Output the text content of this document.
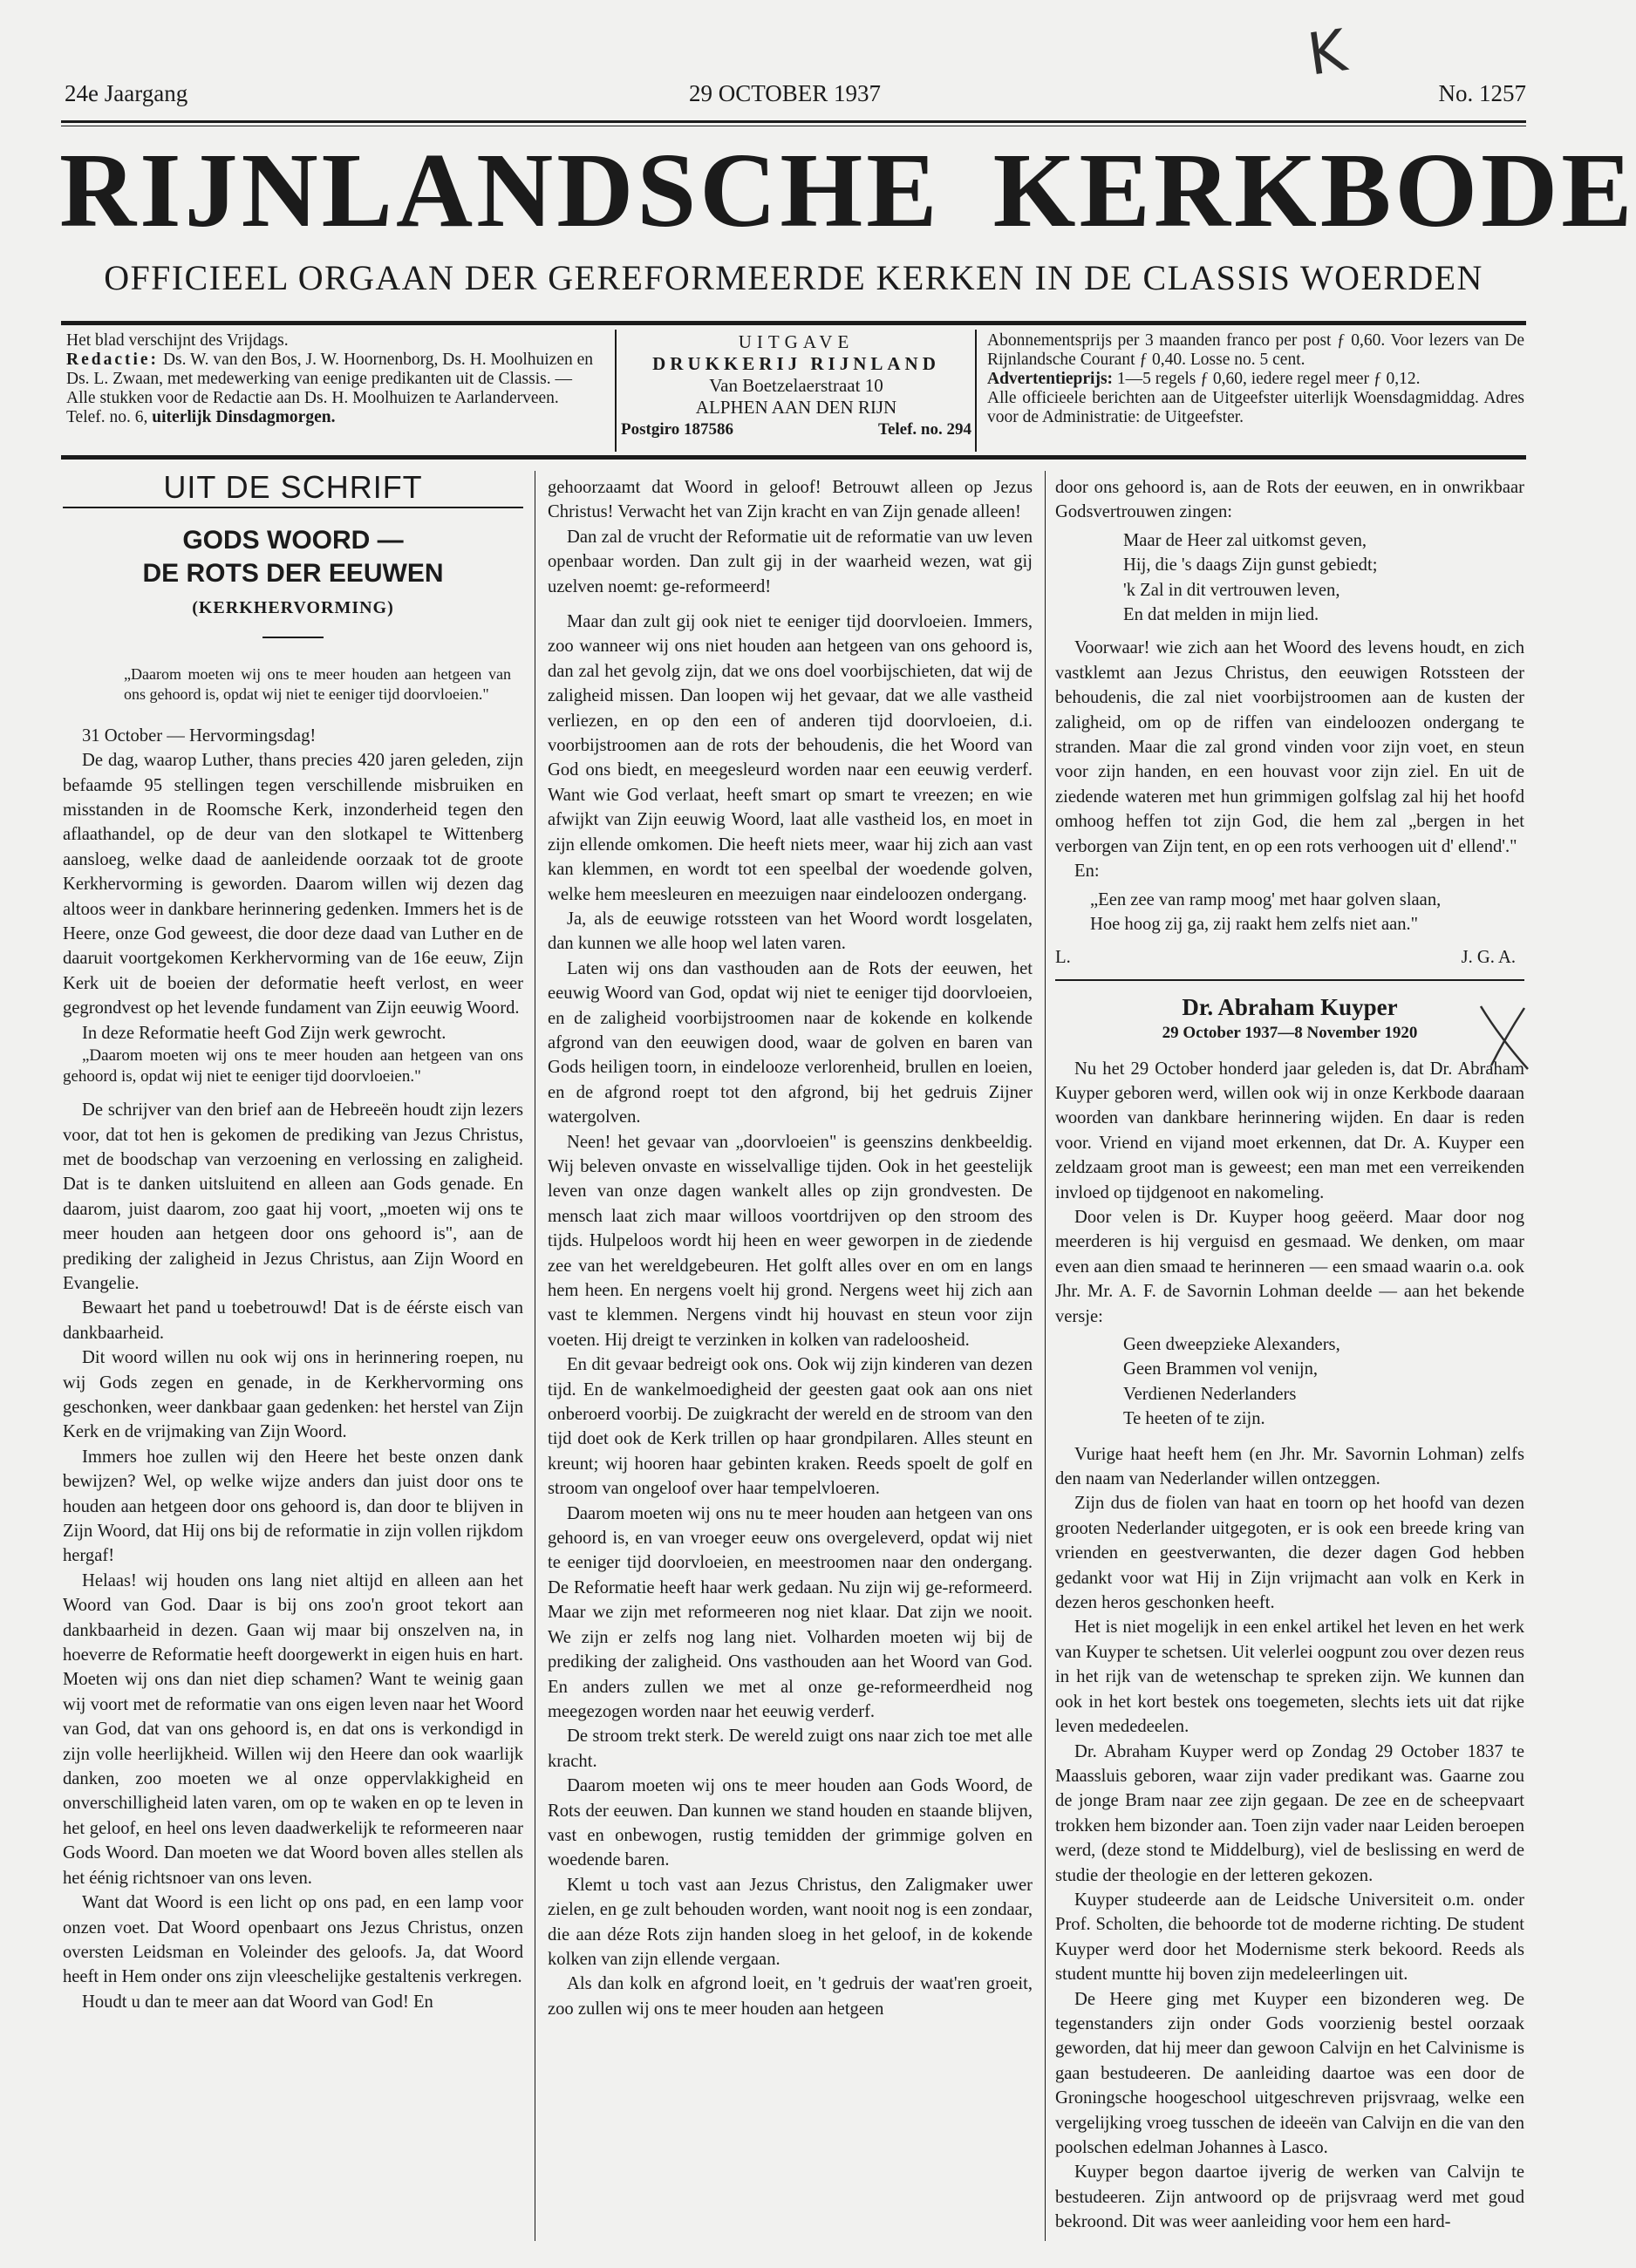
24e Jaargang	29 OCTOBER 1937	No. 1257
K
RIJNLANDSCHE KERKBODE
OFFICIEEL ORGAAN DER GEREFORMEERDE KERKEN IN DE CLASSIS WOERDEN

Het blad verschijnt des Vrijdags.

Redactie: Ds. W. van den Bos, J. W. Hoornenborg, Ds. H. Moolhuizen en Ds. L. Zwaan, met medewerking van eenige predikanten uit de Classis. — Alle stukken voor de Redactie aan Ds. H. Moolhuizen te Aarlanderveen. Telef. no. 6, uiterlijk Dinsdagmorgen.

UITGAVE
DRUKKERIJ RIJNLAND
Van Boetzelaerstraat 10
ALPHEN AAN DEN RIJN
Postgiro 187586	Telef. no. 294

Abonnementsprijs per 3 maanden franco per post ƒ 0,60. Voor lezers van De Rijnlandsche Courant ƒ 0,40. Losse no. 5 cent.

Advertentieprijs: 1—5 regels ƒ 0,60, iedere regel meer ƒ 0,12.

Alle officieele berichten aan de Uitgeefster uiterlijk Woensdagmiddag. Adres voor de Administratie: de Uitgeefster.

UIT DE SCHRIFT
GODS WOORD —
DE ROTS DER EEUWEN
(KERKHERVORMING)
„Daarom moeten wij ons te meer houden aan hetgeen van ons gehoord is, opdat wij niet te eeniger tijd doorvloeien."

31 October — Hervormingsdag!

De dag, waarop Luther, thans precies 420 jaren geleden, zijn befaamde 95 stellingen tegen verschillende misbruiken en misstanden in de Roomsche Kerk, inzonderheid tegen den aflaathandel, op de deur van den slotkapel te Wittenberg aansloeg, welke daad de aanleidende oorzaak tot de groote Kerkhervorming is geworden. Daarom willen wij dezen dag altoos weer in dankbare herinnering gedenken. Immers het is de Heere, onze God geweest, die door deze daad van Luther en de daaruit voortgekomen Kerkhervorming van de 16e eeuw, Zijn Kerk uit de boeien der deformatie heeft verlost, en weer gegrondvest op het levende fundament van Zijn eeuwig Woord.

In deze Reformatie heeft God Zijn werk gewrocht.

„Daarom moeten wij ons te meer houden aan hetgeen van ons gehoord is, opdat wij niet te eeniger tijd doorvloeien."

De schrijver van den brief aan de Hebreeën houdt zijn lezers voor, dat tot hen is gekomen de prediking van Jezus Christus, met de boodschap van verzoening en verlossing en zaligheid. Dat is te danken uitsluitend en alleen aan Gods genade. En daarom, juist daarom, zoo gaat hij voort, „moeten wij ons te meer houden aan hetgeen door ons gehoord is", aan de prediking der zaligheid in Jezus Christus, aan Zijn Woord en Evangelie.

Bewaart het pand u toebetrouwd! Dat is de éérste eisch van dankbaarheid.

Dit woord willen nu ook wij ons in herinnering roepen, nu wij Gods zegen en genade, in de Kerkhervorming ons geschonken, weer dankbaar gaan gedenken: het herstel van Zijn Kerk en de vrijmaking van Zijn Woord.

Immers hoe zullen wij den Heere het beste onzen dank bewijzen? Wel, op welke wijze anders dan juist door ons te houden aan hetgeen door ons gehoord is, dan door te blijven in Zijn Woord, dat Hij ons bij de reformatie in zijn vollen rijkdom hergaf!

Helaas! wij houden ons lang niet altijd en alleen aan het Woord van God. Daar is bij ons zoo'n groot tekort aan dankbaarheid in dezen. Gaan wij maar bij onszelven na, in hoeverre de Reformatie heeft doorgewerkt in eigen huis en hart. Moeten wij ons dan niet diep schamen? Want te weinig gaan wij voort met de reformatie van ons eigen leven naar het Woord van God, dat van ons gehoord is, en dat ons is verkondigd in zijn volle heerlijkheid. Willen wij den Heere dan ook waarlijk danken, zoo moeten we al onze oppervlakkigheid en onverschilligheid laten varen, om op te waken en op te leven in het geloof, en heel ons leven daadwerkelijk te reformeeren naar Gods Woord. Dan moeten we dat Woord boven alles stellen als het éénig richtsnoer van ons leven.

Want dat Woord is een licht op ons pad, en een lamp voor onzen voet. Dat Woord openbaart ons Jezus Christus, onzen oversten Leidsman en Voleinder des geloofs. Ja, dat Woord heeft in Hem onder ons zijn vleeschelijke gestaltenis verkregen.

Houdt u dan te meer aan dat Woord van God! En

gehoorzaamt dat Woord in geloof! Betrouwt alleen op Jezus Christus! Verwacht het van Zijn kracht en van Zijn genade alleen!

Dan zal de vrucht der Reformatie uit de reformatie van uw leven openbaar worden. Dan zult gij in der waarheid wezen, wat gij uzelven noemt: ge-reformeerd!

Maar dan zult gij ook niet te eeniger tijd doorvloeien. Immers, zoo wanneer wij ons niet houden aan hetgeen van ons gehoord is, dan zal het gevolg zijn, dat we ons doel voorbijschieten, dat wij de zaligheid missen. Dan loopen wij het gevaar, dat we alle vastheid verliezen, en op den een of anderen tijd doorvloeien, d.i. voorbijstroomen aan de rots der behoudenis, die het Woord van God ons biedt, en meegesleurd worden naar een eeuwig verderf. Want wie God verlaat, heeft smart op smart te vreezen; en wie afwijkt van Zijn eeuwig Woord, laat alle vastheid los, en moet in zijn ellende omkomen. Die heeft niets meer, waar hij zich aan vast kan klemmen, en wordt tot een speelbal der woedende golven, welke hem meesleuren en meezuigen naar eindeloozen ondergang.

Ja, als de eeuwige rotssteen van het Woord wordt losgelaten, dan kunnen we alle hoop wel laten varen.

Laten wij ons dan vasthouden aan de Rots der eeuwen, het eeuwig Woord van God, opdat wij niet te eeniger tijd doorvloeien, en de zaligheid voorbijstroomen naar de kokende en kolkende afgrond van den eeuwigen dood, waar de golven en baren van Gods heiligen toorn, in eindelooze verlorenheid, brullen en loeien, en de afgrond roept tot den afgrond, bij het gedruis Zijner watergolven.

Neen! het gevaar van „doorvloeien" is geenszins denkbeeldig. Wij beleven onvaste en wisselvallige tijden. Ook in het geestelijk leven van onze dagen wankelt alles op zijn grondvesten. De mensch laat zich maar willoos voortdrijven op den stroom des tijds. Hulpeloos wordt hij heen en weer geworpen in de ziedende zee van het wereldgebeuren. Het golft alles over en om en langs hem heen. En nergens voelt hij grond. Nergens weet hij zich aan vast te klemmen. Nergens vindt hij houvast en steun voor zijn voeten. Hij dreigt te verzinken in kolken van radeloosheid.

En dit gevaar bedreigt ook ons. Ook wij zijn kinderen van dezen tijd. En de wankelmoedigheid der geesten gaat ook aan ons niet onberoerd voorbij. De zuigkracht der wereld en de stroom van den tijd doet ook de Kerk trillen op haar grondpilaren. Alles steunt en kreunt; wij hooren haar gebinten kraken. Reeds spoelt de golf en stroom van ongeloof over haar tempelvloeren.

Daarom moeten wij ons nu te meer houden aan hetgeen van ons gehoord is, en van vroeger eeuw ons overgeleverd, opdat wij niet te eeniger tijd doorvloeien, en meestroomen naar den ondergang. De Reformatie heeft haar werk gedaan. Nu zijn wij ge-reformeerd. Maar we zijn met reformeeren nog niet klaar. Dat zijn we nooit. We zijn er zelfs nog lang niet. Volharden moeten wij bij de prediking der zaligheid. Ons vasthouden aan het Woord van God. En anders zullen we met al onze ge-reformeerdheid nog meegezogen worden naar het eeuwig verderf.

De stroom trekt sterk. De wereld zuigt ons naar zich toe met alle kracht.

Daarom moeten wij ons te meer houden aan Gods Woord, de Rots der eeuwen. Dan kunnen we stand houden en staande blijven, vast en onbewogen, rustig temidden der grimmige golven en woedende baren.

Klemt u toch vast aan Jezus Christus, den Zaligmaker uwer zielen, en ge zult behouden worden, want nooit nog is een zondaar, die aan déze Rots zijn handen sloeg in het geloof, in de kokende kolken van zijn ellende vergaan.

Als dan kolk en afgrond loeit, en 't gedruis der waat'ren groeit, zoo zullen wij ons te meer houden aan hetgeen

door ons gehoord is, aan de Rots der eeuwen, en in onwrikbaar Godsvertrouwen zingen:

Maar de Heer zal uitkomst geven,

Hij, die 's daags Zijn gunst gebiedt;

'k Zal in dit vertrouwen leven,

En dat melden in mijn lied.

Voorwaar! wie zich aan het Woord des levens houdt, en zich vastklemt aan Jezus Christus, den eeuwigen Rotssteen der behoudenis, die zal niet voorbijstroomen aan de kusten der zaligheid, om op de riffen van eindeloozen ondergang te stranden. Maar die zal grond vinden voor zijn voet, en steun voor zijn handen, en een houvast voor zijn ziel. En uit de ziedende wateren met hun grimmigen golfslag zal hij het hoofd omhoog heffen tot zijn God, die hem zal „bergen in het verborgen van Zijn tent, en op een rots verhoogen uit d' ellend'."

En:

„Een zee van ramp moog' met haar golven slaan,

Hoe hoog zij ga, zij raakt hem zelfs niet aan."

L.	J. G. A.
Dr. Abraham Kuyper
29 October 1937—8 November 1920

Nu het 29 October honderd jaar geleden is, dat Dr. Abraham Kuyper geboren werd, willen ook wij in onze Kerkbode daaraan woorden van dankbare herinnering wijden. En daar is reden voor. Vriend en vijand moet erkennen, dat Dr. A. Kuyper een zeldzaam groot man is geweest; een man met een verreikenden invloed op tijdgenoot en nakomeling.

Door velen is Dr. Kuyper hoog geëerd. Maar door nog meerderen is hij verguisd en gesmaad. We denken, om maar even aan dien smaad te herinneren — een smaad waarin o.a. ook Jhr. Mr. A. F. de Savornin Lohman deelde — aan het bekende versje:

Geen dweepzieke Alexanders,

Geen Brammen vol venijn,

Verdienen Nederlanders

Te heeten of te zijn.

Vurige haat heeft hem (en Jhr. Mr. Savornin Lohman) zelfs den naam van Nederlander willen ontzeggen.

Zijn dus de fiolen van haat en toorn op het hoofd van dezen grooten Nederlander uitgegoten, er is ook een breede kring van vrienden en geestverwanten, die dezer dagen God hebben gedankt voor wat Hij in Zijn vrijmacht aan volk en Kerk in dezen heros geschonken heeft.

Het is niet mogelijk in een enkel artikel het leven en het werk van Kuyper te schetsen. Uit velerlei oogpunt zou over dezen reus in het rijk van de wetenschap te spreken zijn. We kunnen dan ook in het kort bestek ons toegemeten, slechts iets uit dat rijke leven mededeelen.

Dr. Abraham Kuyper werd op Zondag 29 October 1837 te Maassluis geboren, waar zijn vader predikant was. Gaarne zou de jonge Bram naar zee zijn gegaan. De zee en de scheepvaart trokken hem bizonder aan. Toen zijn vader naar Leiden beroepen werd, (deze stond te Middelburg), viel de beslissing en werd de studie der theologie en der letteren gekozen.

Kuyper studeerde aan de Leidsche Universiteit o.m. onder Prof. Scholten, die behoorde tot de moderne richting. De student Kuyper werd door het Modernisme sterk bekoord. Reeds als student muntte hij boven zijn medeleerlingen uit.

De Heere ging met Kuyper een bizonderen weg. De tegenstanders zijn onder Gods voorzienig bestel oorzaak geworden, dat hij meer dan gewoon Calvijn en het Calvinisme is gaan bestudeeren. De aanleiding daartoe was een door de Groningsche hoogeschool uitgeschreven prijsvraag, welke een vergelijking vroeg tusschen de ideeën van Calvijn en die van den poolschen edelman Johannes à Lasco.

Kuyper begon daartoe ijverig de werken van Calvijn te bestudeeren. Zijn antwoord op de prijsvraag werd met goud bekroond. Dit was weer aanleiding voor hem een hard-
